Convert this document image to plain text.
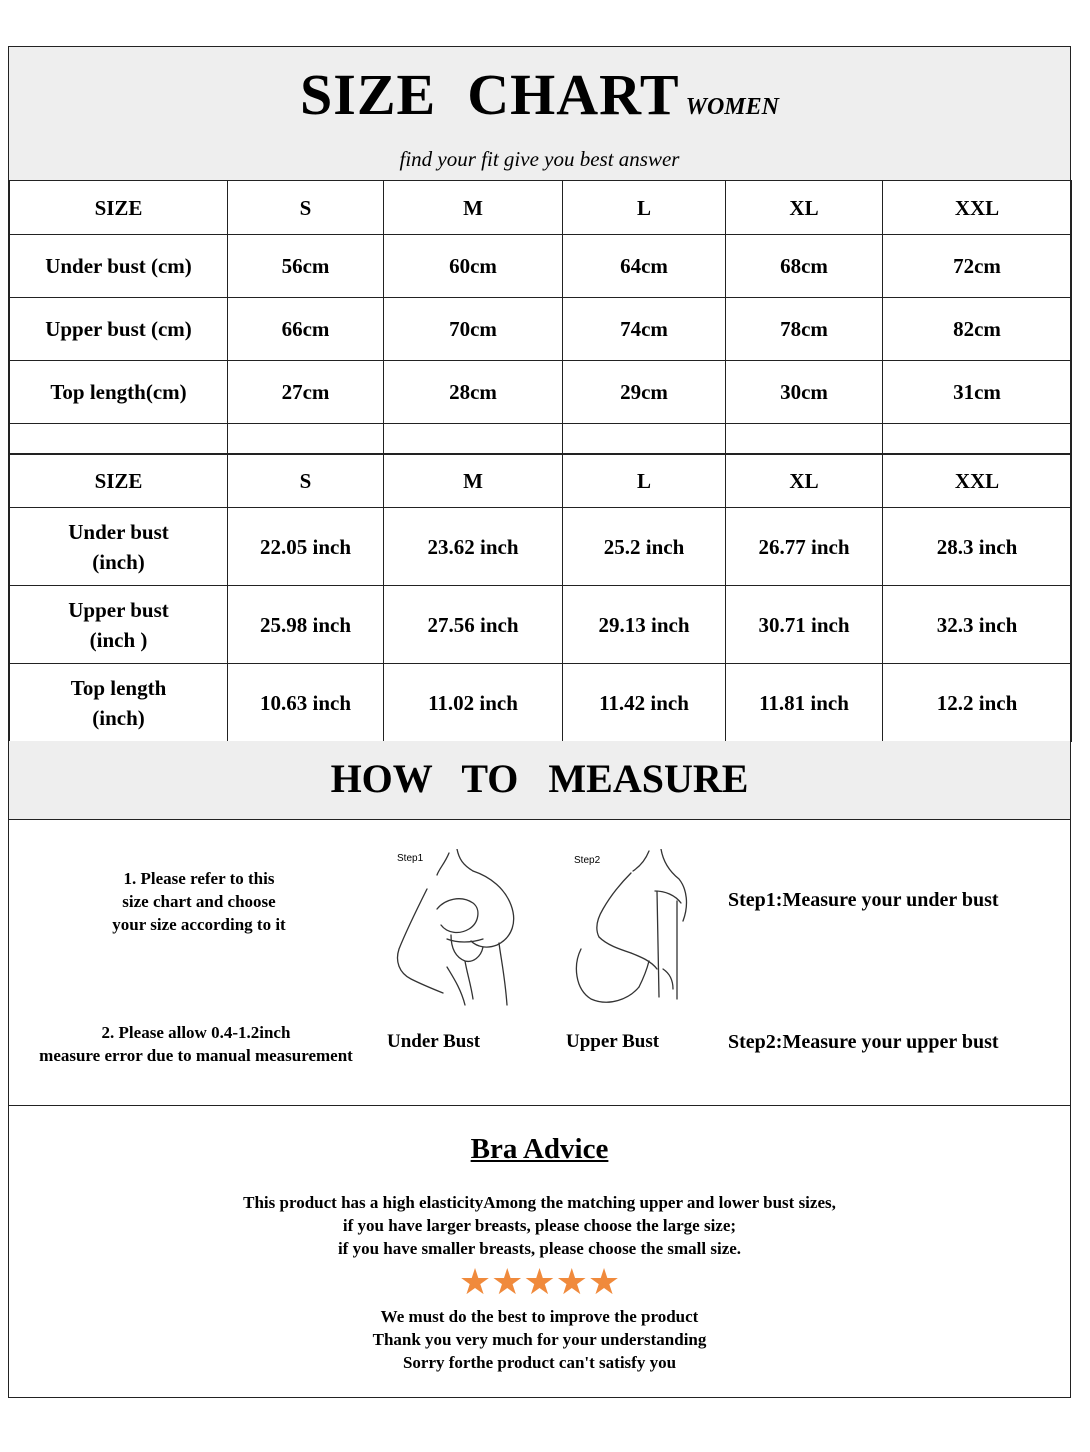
SIZE  CHART WOMEN
find your fit give you best answer
SIZE	S	M	L	XL	XXL
Under bust (cm)	56cm	60cm	64cm	68cm	72cm
Upper bust (cm)	66cm	70cm	74cm	78cm	82cm
Top length(cm)	27cm	28cm	29cm	30cm	31cm

SIZE	S	M	L	XL	XXL

Under bust
(inch)	22.05 inch	23.62 inch	25.2 inch	26.77 inch	28.3 inch

Upper bust
(inch )	25.98 inch	27.56 inch	29.13 inch	30.71 inch	32.3 inch

Top length
(inch)	10.63 inch	11.02 inch	11.42 inch	11.81 inch	12.2 inch
HOW   TO   MEASURE
1. Please refer to this
size chart and choose
your size according to it
2. Please allow 0.4-1.2inch
measure error due to manual measurement
Step1	Step2
Under Bust	Upper Bust
Step1:Measure your under bust
Step2:Measure your upper bust
Bra Advice
This product has a high elasticityAmong the matching upper and lower bust sizes,
if you have larger breasts, please choose the large size;
if you have smaller breasts, please choose the small size.
★★★★★
We must do the best to improve the product
Thank you very much for your understanding
Sorry forthe product can't satisfy you
